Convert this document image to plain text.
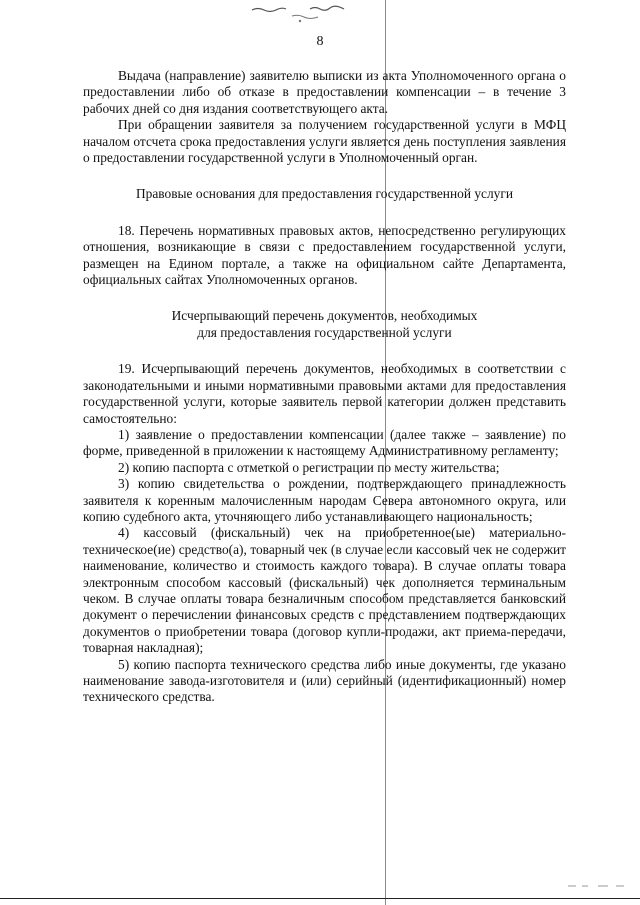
8

Выдача (направление) заявителю выписки из акта Уполномоченного органа о предоставлении либо об отказе в предоставлении компенсации – в течение 3 рабочих дней со дня издания соответствующего акта.

При обращении заявителя за получением государственной услуги в МФЦ началом отсчета срока предоставления услуги является день поступления заявления о предоставлении государственной услуги в Уполномоченный орган.

Правовые основания для предоставления государственной услуги

18. Перечень нормативных правовых актов, непосредственно регулирующих отношения, возникающие в связи с предоставлением государственной услуги, размещен на Едином портале, а также на официальном сайте Департамента, официальных сайтах Уполномоченных органов.

Исчерпывающий перечень документов, необходимых
для предоставления государственной услуги

19. Исчерпывающий перечень документов, необходимых в соответствии с законодательными и иными нормативными правовыми актами для предоставления государственной услуги, которые заявитель первой категории должен представить самостоятельно:

1) заявление о предоставлении компенсации (далее также – заявление) по форме, приведенной в приложении к настоящему Административному регламенту;

2) копию паспорта с отметкой о регистрации по месту жительства;

3) копию свидетельства о рождении, подтверждающего принадлежность заявителя к коренным малочисленным народам Севера автономного округа, или копию судебного акта, уточняющего либо устанавливающего национальность;

4) кассовый (фискальный) чек на приобретенное(ые) материально-техническое(ие) средство(а), товарный чек (в случае если кассовый чек не содержит наименование, количество и стоимость каждого товара). В случае оплаты товара электронным способом кассовый (фискальный) чек дополняется терминальным чеком. В случае оплаты товара безналичным способом представляется банковский документ о перечислении финансовых средств с представлением подтверждающих документов о приобретении товара (договор купли-продажи, акт приема-передачи, товарная накладная);

5) копию паспорта технического средства либо иные документы, где указано наименование завода-изготовителя и (или) серийный (идентификационный) номер технического средства.
